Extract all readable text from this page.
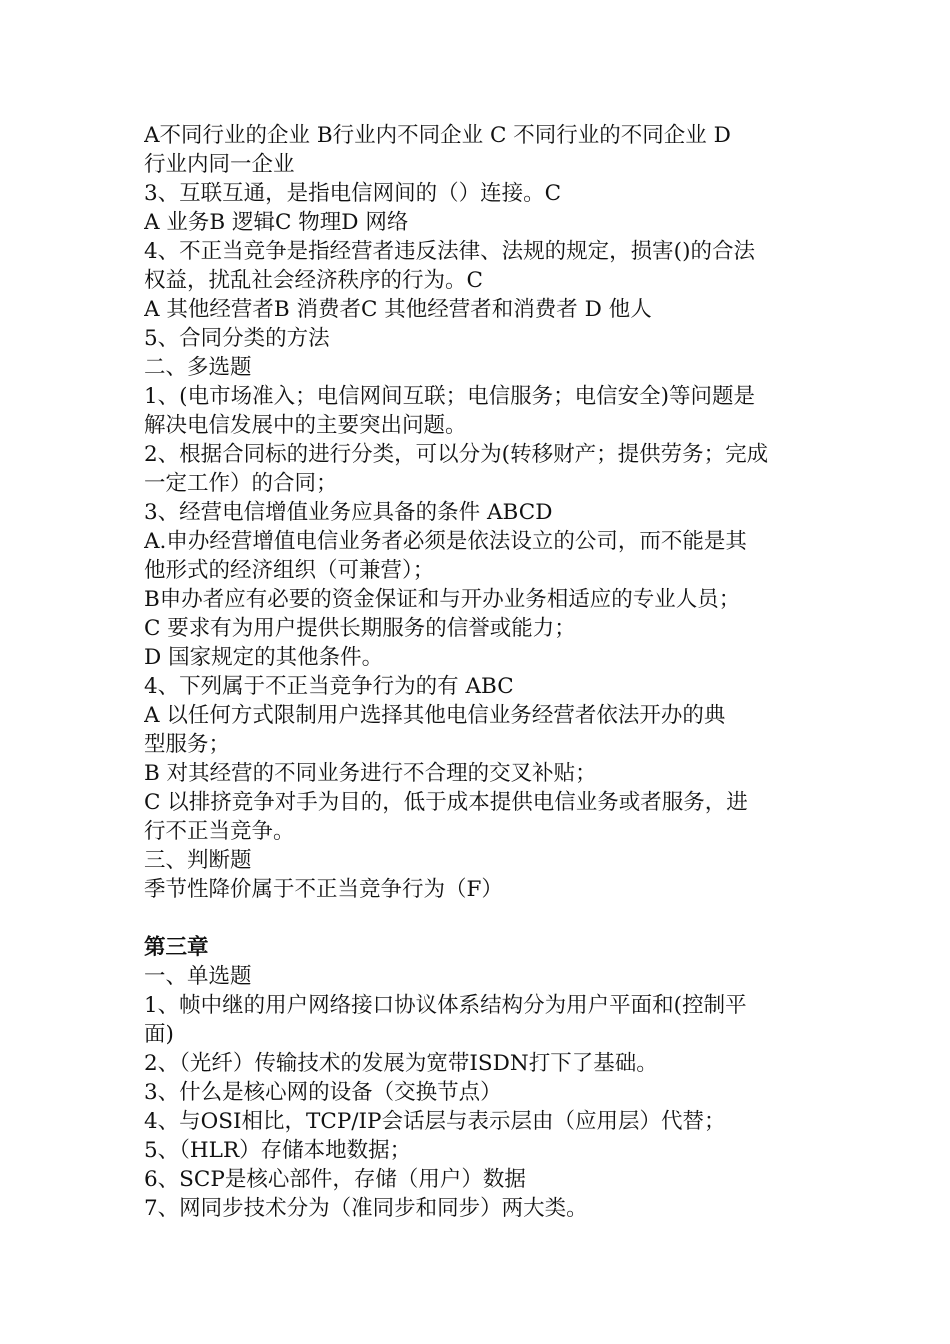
A不同行业的企业 B行业内不同企业 C 不同行业的不同企业 D
行业内同一企业
3、互联互通，是指电信网间的（）连接。C
A 业务B 逻辑C 物理D 网络
4、不正当竞争是指经营者违反法律、法规的规定，损害()的合法
权益，扰乱社会经济秩序的行为。C
A 其他经营者B 消费者C 其他经营者和消费者 D 他人
5、合同分类的方法
二、多选题
1、(电市场准入；电信网间互联；电信服务；电信安全)等问题是
解决电信发展中的主要突出问题。
2、根据合同标的进行分类，可以分为(转移财产；提供劳务；完成
一定工作）的合同；
3、经营电信增值业务应具备的条件 ABCD
A.申办经营增值电信业务者必须是依法设立的公司，而不能是其
他形式的经济组织（可兼营）；
B申办者应有必要的资金保证和与开办业务相适应的专业人员；
C 要求有为用户提供长期服务的信誉或能力；
D 国家规定的其他条件。
4、下列属于不正当竞争行为的有 ABC
A 以任何方式限制用户选择其他电信业务经营者依法开办的典
型服务；
B 对其经营的不同业务进行不合理的交叉补贴；
C 以排挤竞争对手为目的，低于成本提供电信业务或者服务，进
行不正当竞争。
三、判断题
季节性降价属于不正当竞争行为（F）
第三章
一、单选题
1、帧中继的用户网络接口协议体系结构分为用户平面和(控制平
面)
2、（光纤）传输技术的发展为宽带ISDN打下了基础。
3、什么是核心网的设备（交换节点）
4、与OSI相比，TCP/IP会话层与表示层由（应用层）代替；
5、（HLR）存储本地数据；
6、SCP是核心部件，存储（用户）数据
7、网同步技术分为（准同步和同步）两大类。
